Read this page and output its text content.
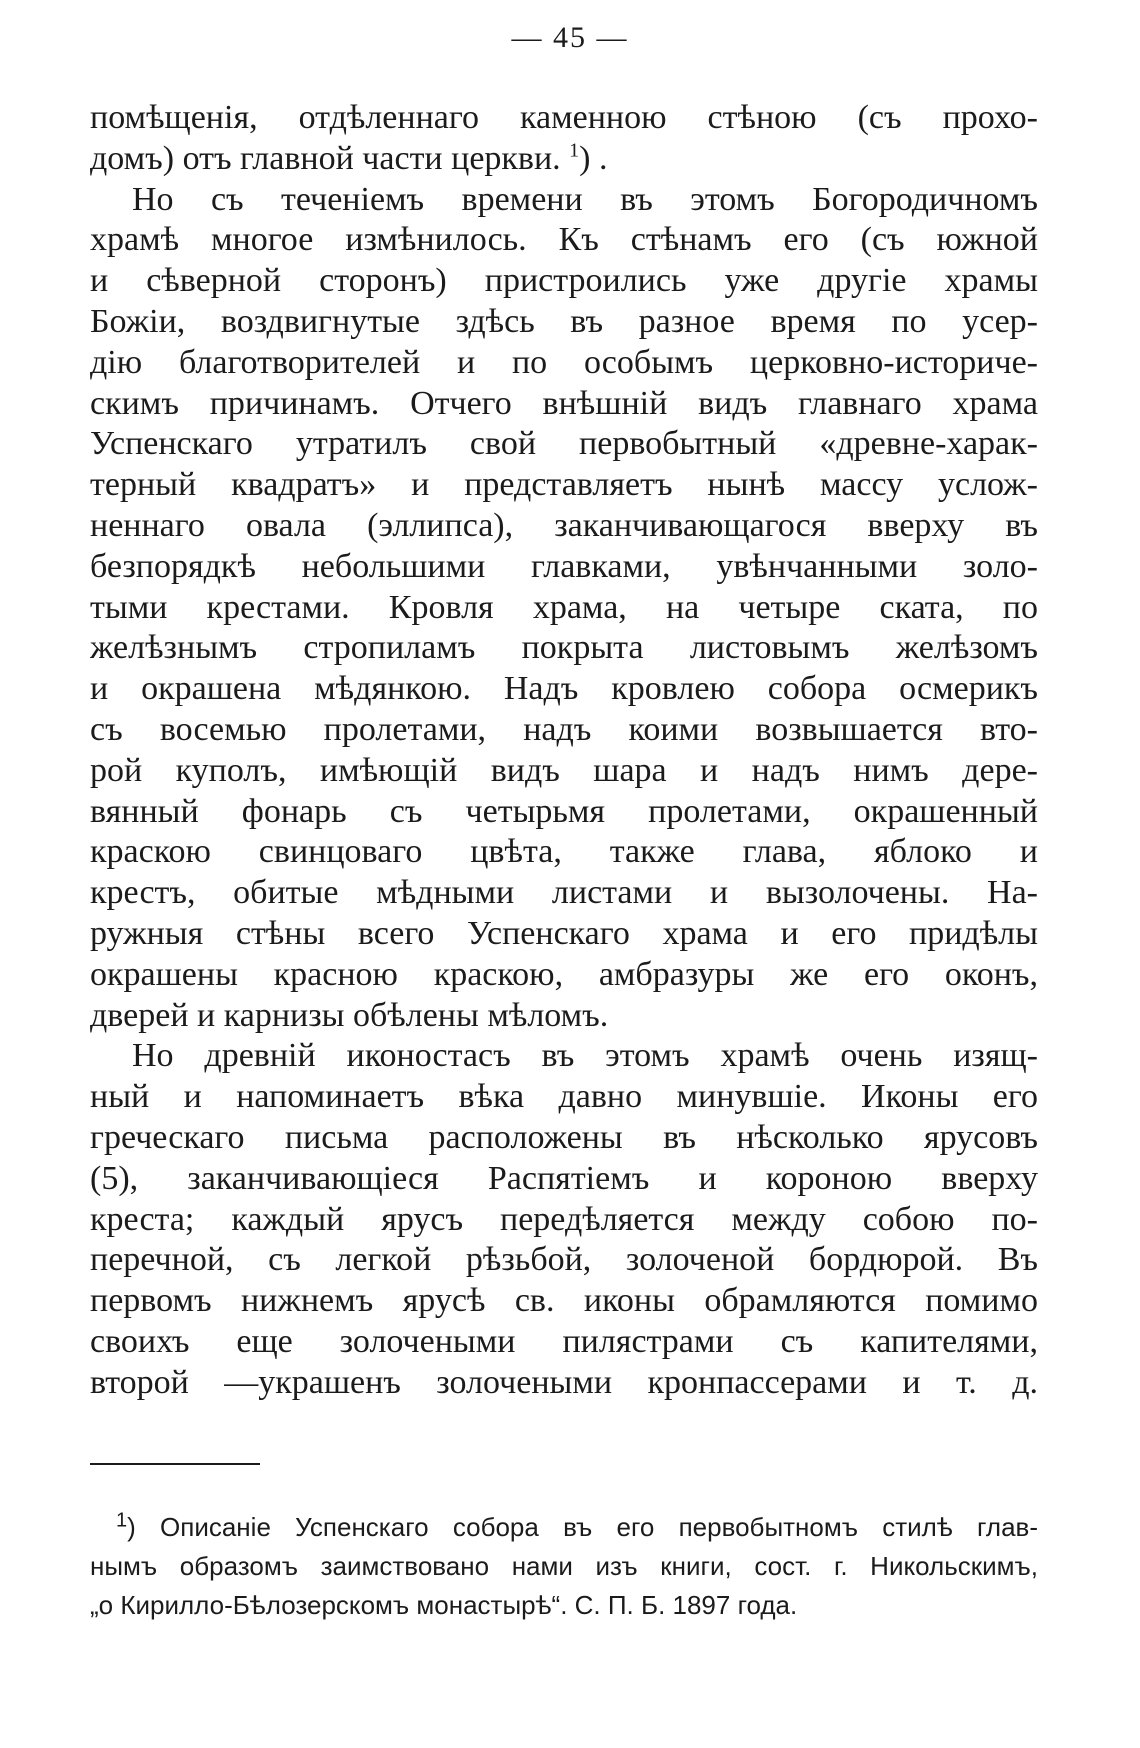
— 45 —
помѣщенія, отдѣленнаго каменною стѣною (съ прохо-
домъ) отъ главной части церкви. $^1$) .
Но съ теченіемъ времени въ этомъ Богородичномъ
храмѣ многое измѣнилось. Къ стѣнамъ его (съ южной
и сѣверной сторонъ) пристроились уже другіе храмы
Божіи, воздвигнутые здѣсь въ разное время по усер-
дію благотворителей и по особымъ церковно-историче-
скимъ причинамъ. Отчего внѣшній видъ главнаго храма
Успенскаго утратилъ свой первобытный «древне-харак-
терный квадратъ» и представляетъ нынѣ массу услож-
неннаго овала (эллипса), заканчивающагося вверху въ
безпорядкѣ небольшими главками, увѣнчанными золо-
тыми крестами. Кровля храма, на четыре ската, по
желѣзнымъ стропиламъ покрыта листовымъ желѣзомъ
и окрашена мѣдянкою. Надъ кровлею собора осмерикъ
съ восемью пролетами, надъ коими возвышается вто-
рой куполъ, имѣющій видъ шара и надъ нимъ дере-
вянный фонарь съ четырьмя пролетами, окрашенный
краскою свинцоваго цвѣта, также глава, яблоко и
крестъ, обитые мѣдными листами и вызолочены. На-
ружныя стѣны всего Успенскаго храма и его придѣлы
окрашены красною краскою, амбразуры же его оконъ,
дверей и карнизы обѣлены мѣломъ.
Но древній иконостасъ въ этомъ храмѣ очень изящ-
ный и напоминаетъ вѣка давно минувшіе. Иконы его
греческаго письма расположены въ нѣсколько ярусовъ
(5), заканчивающіеся Распятіемъ и короною вверху
креста; каждый ярусъ передѣляется между собою по-
перечной, съ легкой рѣзьбой, золоченой бордюрой. Въ
первомъ нижнемъ ярусѣ св. иконы обрамляются помимо
своихъ еще золочеными пилястрами съ капителями,
второй —украшенъ золочеными кронпассерами и т. д.
$^1$) Описаніе Успенскаго собора въ его первобытномъ стилѣ глав-
нымъ образомъ заимствовано нами изъ книги, сост. г. Никольскимъ,
„о Кирилло-Бѣлозерскомъ монастырѣ“. С. П. Б. 1897 года.
